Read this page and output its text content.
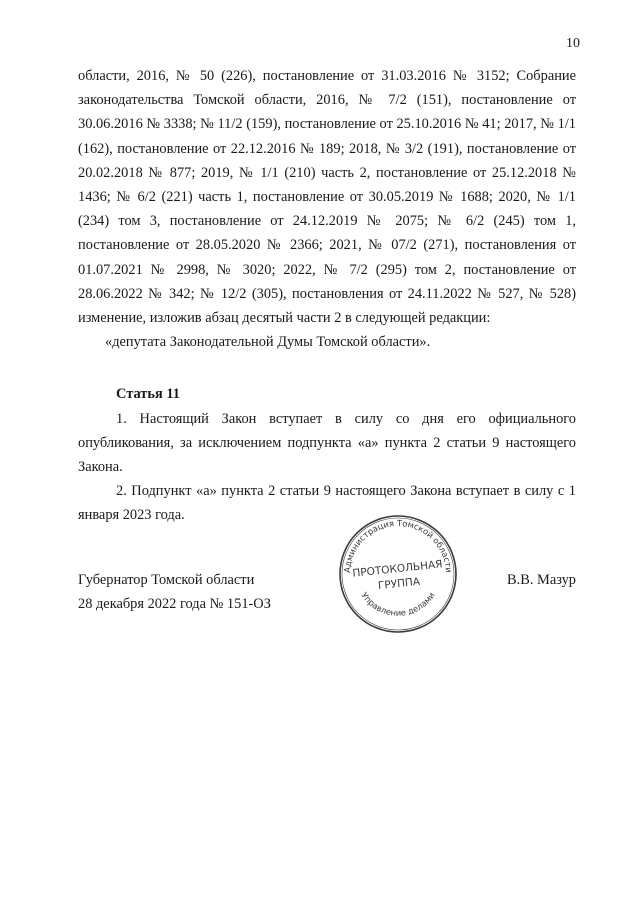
10

области, 2016, № 50 (226), постановление от 31.03.2016 № 3152; Собрание законодательства Томской области, 2016, № 7/2 (151), постановление от 30.06.2016 № 3338; № 11/2 (159), постановление от 25.10.2016 № 41; 2017, № 1/1 (162), постановление от 22.12.2016 № 189; 2018, № 3/2 (191), постановление от 20.02.2018 № 877; 2019, № 1/1 (210) часть 2, постановление от 25.12.2018 № 1436; № 6/2 (221) часть 1, постановление от 30.05.2019 № 1688; 2020, № 1/1 (234) том 3, постановление от 24.12.2019 № 2075; № 6/2 (245) том 1, постановление от 28.05.2020 № 2366; 2021, № 07/2 (271), постановления от 01.07.2021 № 2998, № 3020; 2022, № 7/2 (295) том 2, постановление от 28.06.2022 № 342; № 12/2 (305), постановления от 24.11.2022 № 527, № 528) изменение, изложив абзац десятый части 2 в следующей редакции:

«депутата Законодательной Думы Томской области».

Статья 11

1. Настоящий Закон вступает в силу со дня его официального опубликования, за исключением подпункта «а» пункта 2 статьи 9 настоящего Закона.

2. Подпункт «а» пункта 2 статьи 9 настоящего Закона вступает в силу с 1 января 2023 года.

Губернатор Томской области
28 декабря 2022 года № 151-ОЗ
В.В. Мазур
Администрация Томской области
Управление делами
ПРОТОКОЛЬНАЯ
ГРУППА
